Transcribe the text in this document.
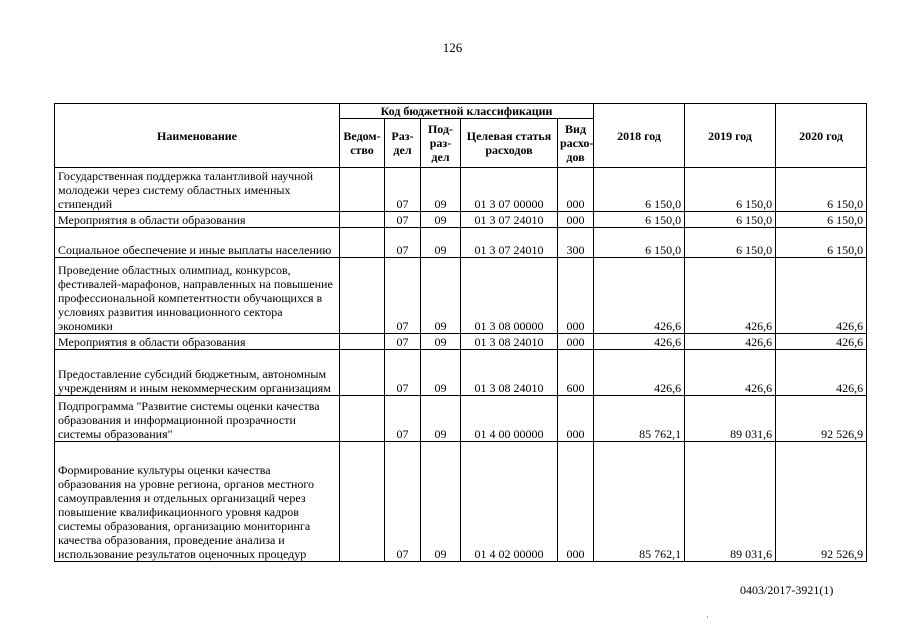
126
Наименование	Код бюджетной классификации					2018 год	2019 год	2020 год
	Ведом-ство	Раз-дел	Под-раз-дел	Целевая статья расходов	Вид расхо-дов			
Государственная поддержка талантливой научной молодежи через систему областных именных стипендий		07	09	01 3 07 00000	000	6 150,0	6 150,0	6 150,0
Мероприятия в области образования		07	09	01 3 07 24010	000	6 150,0	6 150,0	6 150,0
Социальное обеспечение и иные выплаты населению		07	09	01 3 07 24010	300	6 150,0	6 150,0	6 150,0
Проведение областных олимпиад, конкурсов, фестивалей-марафонов, направленных на повышение профессиональной компетентности обучающихся в условиях развития инновационного сектора экономики		07	09	01 3 08 00000	000	426,6	426,6	426,6
Мероприятия в области образования		07	09	01 3 08 24010	000	426,6	426,6	426,6
Предоставление субсидий бюджетным, автономным учреждениям и иным некоммерческим организациям		07	09	01 3 08 24010	600	426,6	426,6	426,6
Подпрограмма "Развитие системы оценки качества образования и информационной прозрачности системы образования"		07	09	01 4 00 00000	000	85 762,1	89 031,6	92 526,9
Формирование культуры оценки качества образования на уровне региона, органов местного самоуправления и отдельных организаций через повышение квалификационного уровня кадров системы образования, организацию мониторинга качества образования, проведение анализа и использование результатов оценочных процедур		07	09	01 4 02 00000	000	85 762,1	89 031,6	92 526,9
0403/2017-3921(1)
·
